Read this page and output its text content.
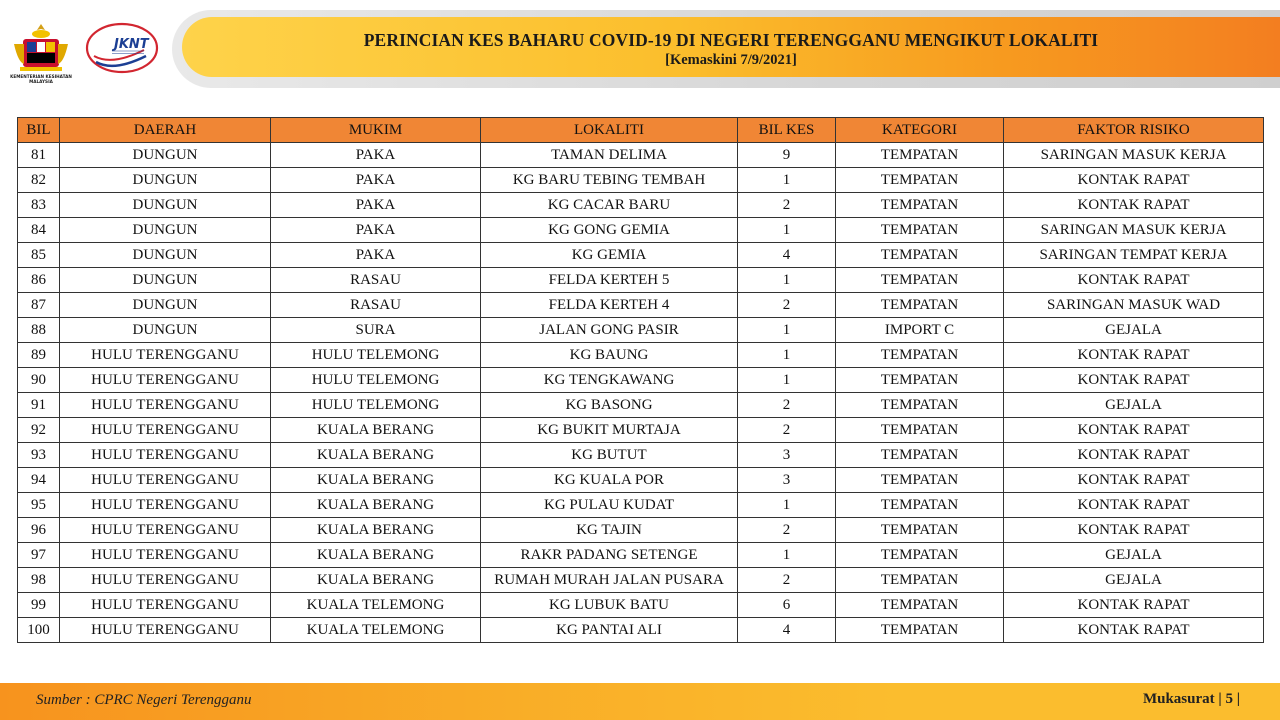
KEMENTERIAN KESIHATAN
MALAYSIA
JKNT	PERINCIAN KES BAHARU COVID-19 DI NEGERI TERENGGANU MENGIKUT LOKALITI
[Kemaskini 7/9/2021]
BIL	DAERAH	MUKIM	LOKALITI	BIL KES	KATEGORI	FAKTOR RISIKO
81	DUNGUN	PAKA	TAMAN DELIMA	9	TEMPATAN	SARINGAN MASUK KERJA
82	DUNGUN	PAKA	KG BARU TEBING TEMBAH	1	TEMPATAN	KONTAK RAPAT
83	DUNGUN	PAKA	KG CACAR BARU	2	TEMPATAN	KONTAK RAPAT
84	DUNGUN	PAKA	KG GONG GEMIA	1	TEMPATAN	SARINGAN MASUK KERJA
85	DUNGUN	PAKA	KG GEMIA	4	TEMPATAN	SARINGAN TEMPAT KERJA
86	DUNGUN	RASAU	FELDA KERTEH 5	1	TEMPATAN	KONTAK RAPAT
87	DUNGUN	RASAU	FELDA KERTEH 4	2	TEMPATAN	SARINGAN MASUK WAD
88	DUNGUN	SURA	JALAN GONG PASIR	1	IMPORT C	GEJALA
89	HULU TERENGGANU	HULU TELEMONG	KG BAUNG	1	TEMPATAN	KONTAK RAPAT
90	HULU TERENGGANU	HULU TELEMONG	KG TENGKAWANG	1	TEMPATAN	KONTAK RAPAT
91	HULU TERENGGANU	HULU TELEMONG	KG BASONG	2	TEMPATAN	GEJALA
92	HULU TERENGGANU	KUALA BERANG	KG BUKIT MURTAJA	2	TEMPATAN	KONTAK RAPAT
93	HULU TERENGGANU	KUALA BERANG	KG BUTUT	3	TEMPATAN	KONTAK RAPAT
94	HULU TERENGGANU	KUALA BERANG	KG KUALA POR	3	TEMPATAN	KONTAK RAPAT
95	HULU TERENGGANU	KUALA BERANG	KG PULAU KUDAT	1	TEMPATAN	KONTAK RAPAT
96	HULU TERENGGANU	KUALA BERANG	KG TAJIN	2	TEMPATAN	KONTAK RAPAT
97	HULU TERENGGANU	KUALA BERANG	RAKR PADANG SETENGE	1	TEMPATAN	GEJALA
98	HULU TERENGGANU	KUALA BERANG	RUMAH MURAH JALAN PUSARA	2	TEMPATAN	GEJALA
99	HULU TERENGGANU	KUALA TELEMONG	KG LUBUK BATU	6	TEMPATAN	KONTAK RAPAT
100	HULU TERENGGANU	KUALA TELEMONG	KG PANTAI ALI	4	TEMPATAN	KONTAK RAPAT
Sumber : CPRC Negeri Terengganu	Mukasurat | 5 |
